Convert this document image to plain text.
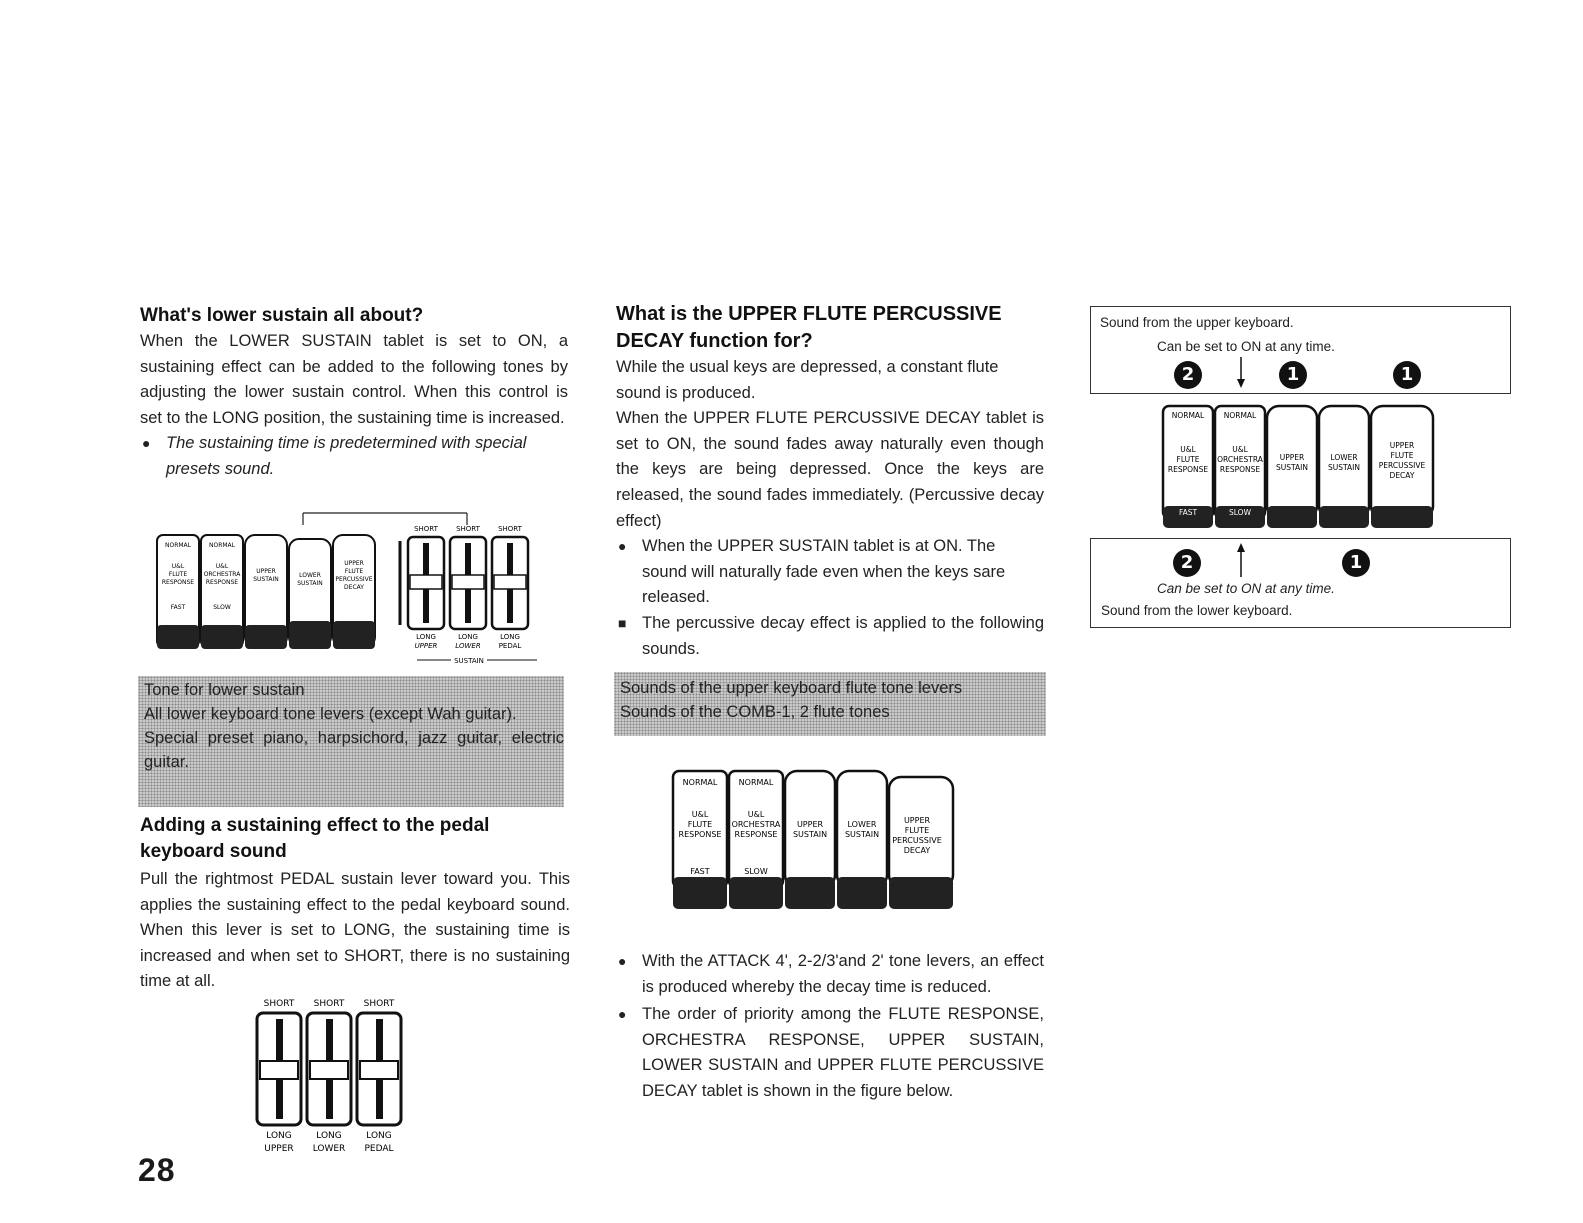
What's lower sustain all about?

When the LOWER SUSTAIN tablet is set to ON, a sustaining effect can be added to the following tones by adjusting the lower sustain control. When this control is set to the LONG position, the sustaining time is increased.

● The sustaining time is predetermined with special presets sound.
NORMAL
U&L
FLUTE
RESPONSE
FAST
NORMAL
U&L
ORCHESTRA
RESPONSE
SLOW
UPPER
SUSTAIN
LOWER
SUSTAIN
UPPER
FLUTE
PERCUSSIVE
DECAY
SHORT
LONG
UPPER
SHORT
LONG
LOWER
SHORT
LONG
PEDAL
SUSTAIN
Tone for lower sustain
All lower keyboard tone levers (except Wah guitar).
Special preset piano, harpsichord, jazz guitar, electric guitar.

Adding a sustaining effect to the pedal keyboard sound

Pull the rightmost PEDAL sustain lever toward you. This applies the sustaining effect to the pedal keyboard sound. When this lever is set to LONG, the sustaining time is increased and when set to SHORT, there is no sustaining time at all.

SHORT
LONG
UPPER
SHORT
LONG
LOWER
SHORT
LONG
PEDAL
28

What is the UPPER FLUTE PERCUSSIVE DECAY function for?

While the usual keys are depressed, a constant flute sound is produced.

When the UPPER FLUTE PERCUSSIVE DECAY tablet is set to ON, the sound fades away naturally even though the keys are being depressed. Once the keys are released, the sound fades immediately. (Percussive decay effect)

● When the UPPER SUSTAIN tablet is at ON. The sound will naturally fade even when the keys sare released.
■ The percussive decay effect is applied to the following sounds.
Sounds of the upper keyboard flute tone levers
Sounds of the COMB-1, 2 flute tones
NORMAL
U&L
FLUTE
RESPONSE
FAST
NORMAL
U&L
ORCHESTRA
RESPONSE
SLOW
UPPER
SUSTAIN
LOWER
SUSTAIN
UPPER
FLUTE
PERCUSSIVE
DECAY
● With the ATTACK 4', 2-2/3'and 2' tone levers, an effect is produced whereby the decay time is reduced.
● The order of priority among the FLUTE RESPONSE, ORCHESTRA RESPONSE, UPPER SUSTAIN, LOWER SUSTAIN and UPPER FLUTE PERCUSSIVE DECAY tablet is shown in the figure below.
Sound from the upper keyboard.
Can be set to ON at any time.
2	1	1
NORMAL
U&L
FLUTE
RESPONSE
FAST
NORMAL
U&L
ORCHESTRA
RESPONSE
SLOW
UPPER
SUSTAIN
LOWER
SUSTAIN
UPPER
FLUTE
PERCUSSIVE
DECAY
2	1
Can be set to ON at any time.
Sound from the lower keyboard.
